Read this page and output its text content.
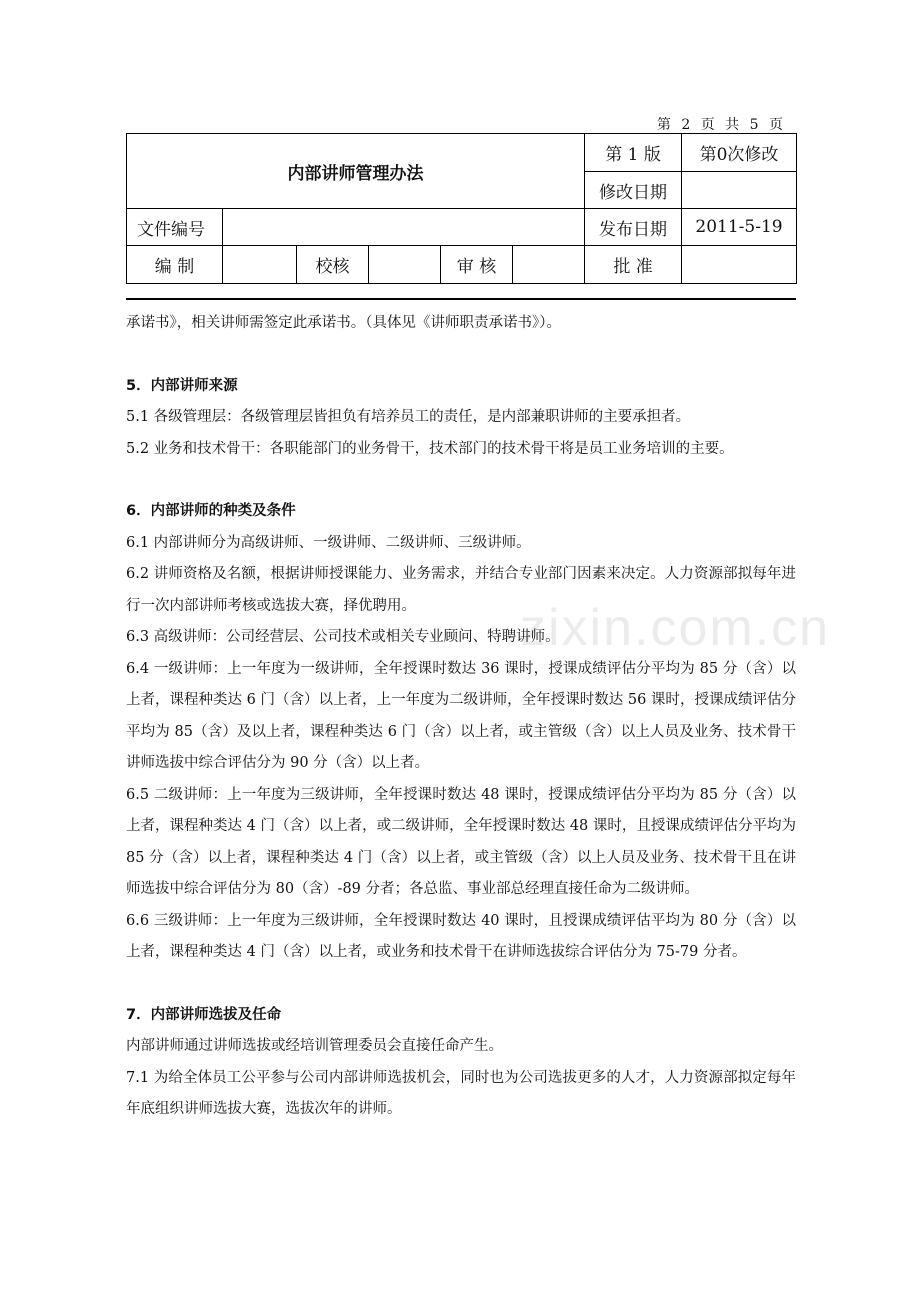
第 2 页 共 5 页
内部讲师管理办法						第 1 版	第0次修改
						修改日期	
文件编号						发布日期	2011-5-19
编 制		校核		审 核		批 准	
zixin.com.cn

承诺书》，相关讲师需签定此承诺书。（具体见《讲师职责承诺书》）。

5．内部讲师来源

5.1 各级管理层：各级管理层皆担负有培养员工的责任，是内部兼职讲师的主要承担者。

5.2 业务和技术骨干：各职能部门的业务骨干，技术部门的技术骨干将是员工业务培训的主要。

6．内部讲师的种类及条件

6.1 内部讲师分为高级讲师、一级讲师、二级讲师、三级讲师。

6.2 讲师资格及名额，根据讲师授课能力、业务需求，并结合专业部门因素来决定。人力资源部拟每年进行一次内部讲师考核或选拔大赛，择优聘用。

6.3 高级讲师：公司经营层、公司技术或相关专业顾问、特聘讲师。

6.4 一级讲师：上一年度为一级讲师，全年授课时数达 36 课时，授课成绩评估分平均为 85 分（含）以上者，课程种类达 6 门（含）以上者，上一年度为二级讲师，全年授课时数达 56 课时，授课成绩评估分平均为 85（含）及以上者，课程种类达 6 门（含）以上者，或主管级（含）以上人员及业务、技术骨干讲师选拔中综合评估分为 90 分（含）以上者。

6.5 二级讲师：上一年度为三级讲师，全年授课时数达 48 课时，授课成绩评估分平均为 85 分（含）以上者，课程种类达 4 门（含）以上者，或二级讲师，全年授课时数达 48 课时，且授课成绩评估分平均为 85 分（含）以上者，课程种类达 4 门（含）以上者，或主管级（含）以上人员及业务、技术骨干且在讲师选拔中综合评估分为 80（含）-89 分者；各总监、事业部总经理直接任命为二级讲师。

6.6 三级讲师：上一年度为三级讲师，全年授课时数达 40 课时，且授课成绩评估平均为 80 分（含）以上者，课程种类达 4 门（含）以上者，或业务和技术骨干在讲师选拔综合评估分为 75-79 分者。

7．内部讲师选拔及任命

内部讲师通过讲师选拔或经培训管理委员会直接任命产生。

7.1 为给全体员工公平参与公司内部讲师选拔机会，同时也为公司选拔更多的人才，人力资源部拟定每年年底组织讲师选拔大赛，选拔次年的讲师。
